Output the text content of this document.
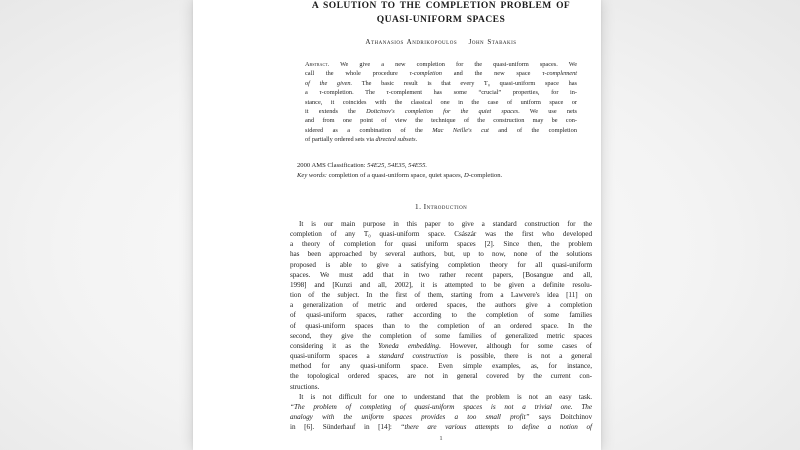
A SOLUTION TO THE COMPLETION PROBLEM OF
QUASI-UNIFORM SPACES
Athanasios Andrikopoulos  John Stabakis
Abstract. We give a new completion for the quasi-uniform spaces. We
call the whole procedure τ-completion and the new space τ-complement
of the given. The basic result is that every T₀ quasi-uniform space has
a τ-completion. The τ-complement has some “crucial” properties, for in-
stance, it coincides with the classical one in the case of uniform space or
it extends the Doitcinov's completion for the quiet spaces. We use nets
and from one point of view the technique of the construction may be con-
sidered as a combination of the Mac Neille's cut and of the completion
of partially ordered sets via directed subsets.
2000 AMS Classification: 54E25, 54E35, 54E55.
Key words: completion of a quasi-uniform space, quiet spaces, D-completion.
1. Introduction
It is our main purpose in this paper to give a standard construction for the
completion of any T₀ quasi-uniform space. Császár was the first who developed
a theory of completion for quasi uniform spaces [2]. Since then, the problem
has been approached by several authors, but, up to now, none of the solutions
proposed is able to give a satisfying completion theory for all quasi-uniform
spaces. We must add that in two rather recent papers, [Bosangue and all,
1998] and [Kunzi and all, 2002], it is attempted to be given a definite resolu-
tion of the subject. In the first of them, starting from a Lawvere's idea [11] on
a generalization of metric and ordered spaces, the authors give a completion
of quasi-uniform spaces, rather according to the completion of some families
of quasi-uniform spaces than to the completion of an ordered space. In the
second, they give the completion of some families of generalized metric spaces
considering it as the Yoneda embedding. However, although for some cases of
quasi-uniform spaces a standard construction is possible, there is not a general
method for any quasi-uniform space. Even simple examples, as, for instance,
the topological ordered spaces, are not in general covered by the current con-
structions.
It is not difficult for one to understand that the problem is not an easy task.
“The problem of completing of quasi-uniform spaces is not a trivial one. The
analogy with the uniform spaces provides a too small profit” says Doitchinov
in [6]. Sünderhauf in [14]: “there are various attempts to define a notion of
1
